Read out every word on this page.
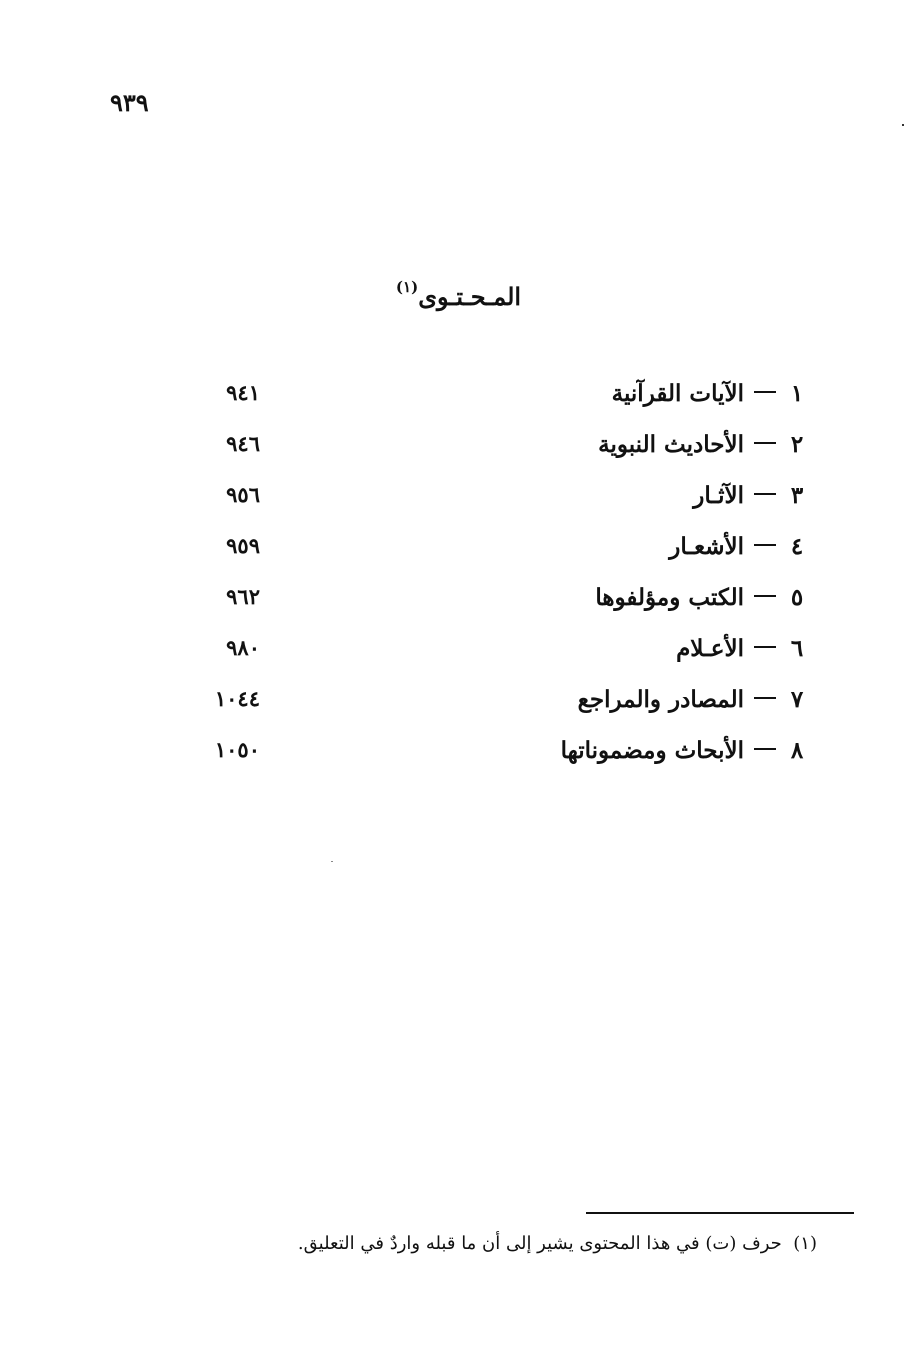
٩٣٩
المـحـتـوى$^{(١)}$
١الآيات القرآنية
٩٤١
٢الأحاديث النبوية
٩٤٦
٣الآثـار
٩٥٦
٤الأشعـار
٩٥٩
٥الكتب ومؤلفوها
٩٦٢
٦الأعـلام
٩٨٠
٧المصادر والمراجع
١٠٤٤
٨الأبحاث ومضموناتها
١٠٥٠
(١)  حرف (ت) في هذا المحتوى يشير إلى أن ما قبله واردٌ في التعليق.
